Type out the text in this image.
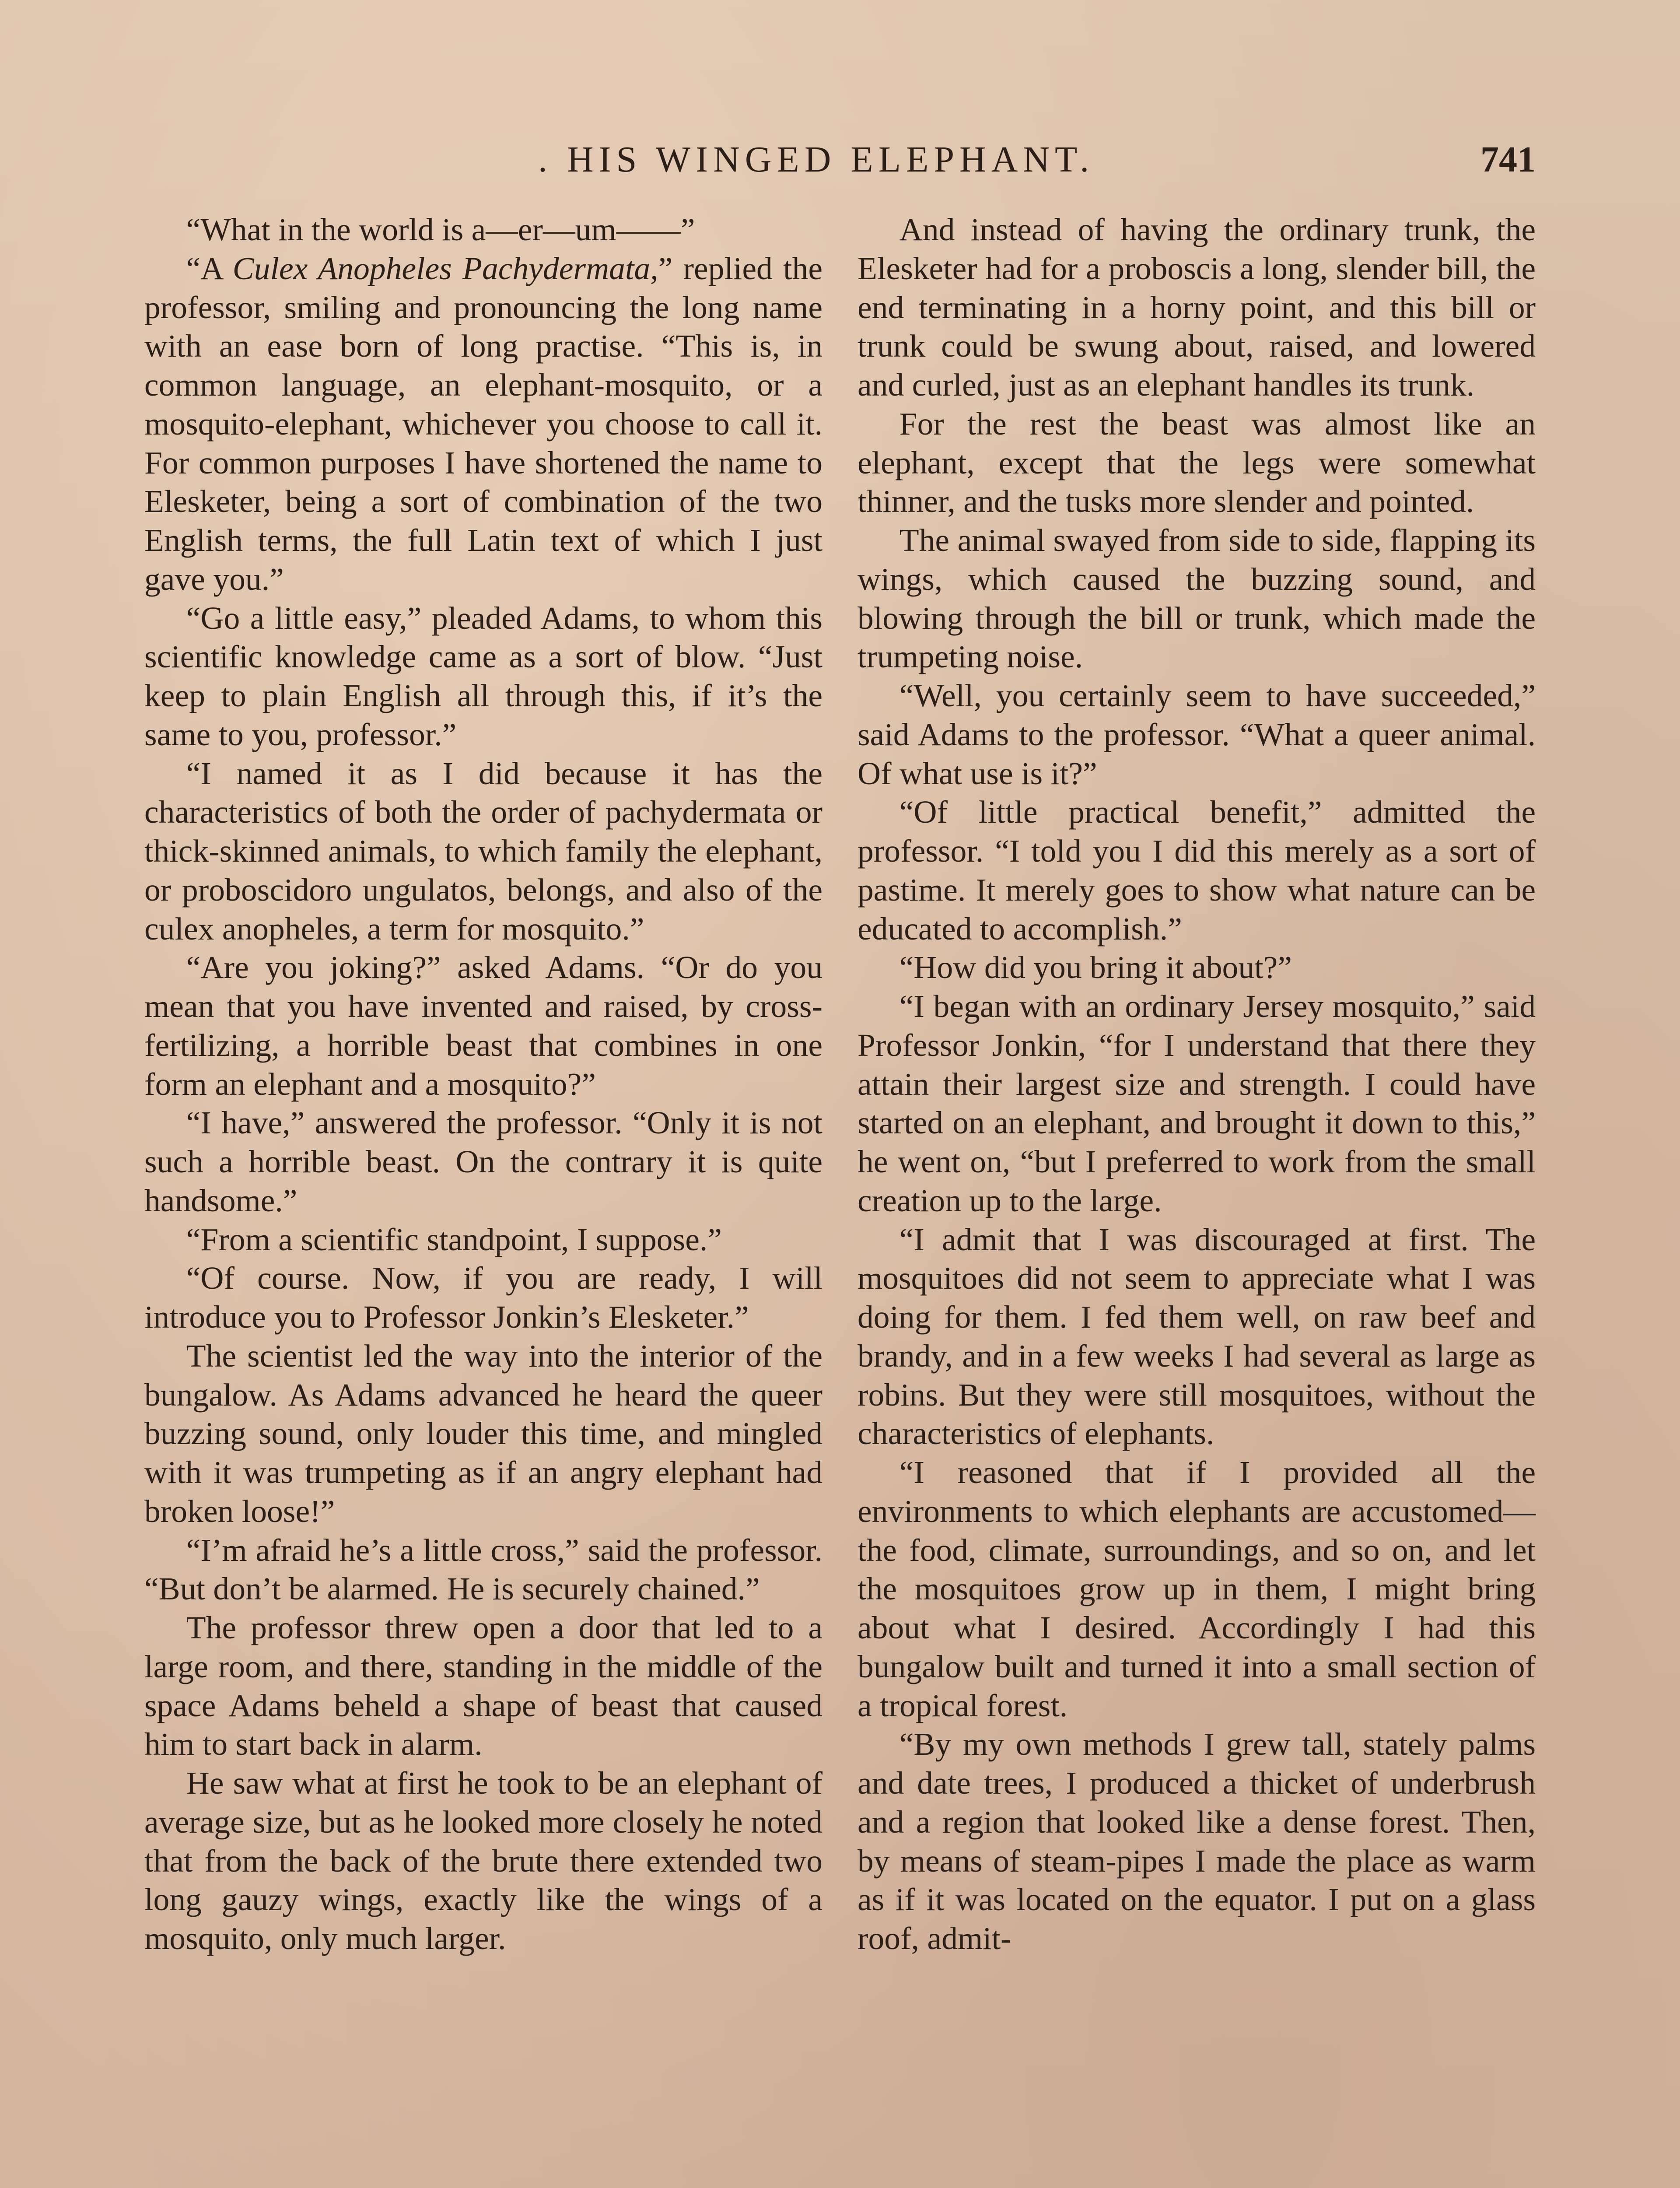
. HIS WINGED ELEPHANT.	741

“What in the world is a—er—um——”

“A Culex Anopheles Pachydermata,” replied the professor, smiling and pronouncing the long name with an ease born of long practise. “This is, in common language, an elephant-mosquito, or a mosquito-elephant, whichever you choose to call it. For common purposes I have shortened the name to Elesketer, being a sort of combination of the two English terms, the full Latin text of which I just gave you.”

“Go a little easy,” pleaded Adams, to whom this scientific knowledge came as a sort of blow. “Just keep to plain English all through this, if it’s the same to you, professor.”

“I named it as I did because it has the characteristics of both the order of pachydermata or thick-skinned animals, to which family the elephant, or proboscidoro ungulatos, belongs, and also of the culex anopheles, a term for mosquito.”

“Are you joking?” asked Adams. “Or do you mean that you have invented and raised, by cross-fertilizing, a horrible beast that combines in one form an elephant and a mosquito?”

“I have,” answered the professor. “Only it is not such a horrible beast. On the contrary it is quite handsome.”

“From a scientific standpoint, I suppose.”

“Of course. Now, if you are ready, I will introduce you to Professor Jonkin’s Elesketer.”

The scientist led the way into the interior of the bungalow. As Adams advanced he heard the queer buzzing sound, only louder this time, and mingled with it was trumpeting as if an angry elephant had broken loose!”

“I’m afraid he’s a little cross,” said the professor. “But don’t be alarmed. He is securely chained.”

The professor threw open a door that led to a large room, and there, standing in the middle of the space Adams beheld a shape of beast that caused him to start back in alarm.

He saw what at first he took to be an elephant of average size, but as he looked more closely he noted that from the back of the brute there extended two long gauzy wings, exactly like the wings of a mosquito, only much larger.

And instead of having the ordinary trunk, the Elesketer had for a proboscis a long, slender bill, the end terminating in a horny point, and this bill or trunk could be swung about, raised, and lowered and curled, just as an elephant handles its trunk.

For the rest the beast was almost like an elephant, except that the legs were somewhat thinner, and the tusks more slender and pointed.

The animal swayed from side to side, flapping its wings, which caused the buzzing sound, and blowing through the bill or trunk, which made the trumpeting noise.

“Well, you certainly seem to have succeeded,” said Adams to the professor. “What a queer animal. Of what use is it?”

“Of little practical benefit,” admitted the professor. “I told you I did this merely as a sort of pastime. It merely goes to show what nature can be educated to accomplish.”

“How did you bring it about?”

“I began with an ordinary Jersey mosquito,” said Professor Jonkin, “for I understand that there they attain their largest size and strength. I could have started on an elephant, and brought it down to this,” he went on, “but I preferred to work from the small creation up to the large.

“I admit that I was discouraged at first. The mosquitoes did not seem to appreciate what I was doing for them. I fed them well, on raw beef and brandy, and in a few weeks I had several as large as robins. But they were still mosquitoes, without the characteristics of elephants.

“I reasoned that if I provided all the environments to which elephants are accustomed—the food, climate, surroundings, and so on, and let the mosquitoes grow up in them, I might bring about what I desired. Accordingly I had this bungalow built and turned it into a small section of a tropical forest.

“By my own methods I grew tall, stately palms and date trees, I produced a thicket of underbrush and a region that looked like a dense forest. Then, by means of steam-pipes I made the place as warm as if it was located on the equator. I put on a glass roof, admit-
